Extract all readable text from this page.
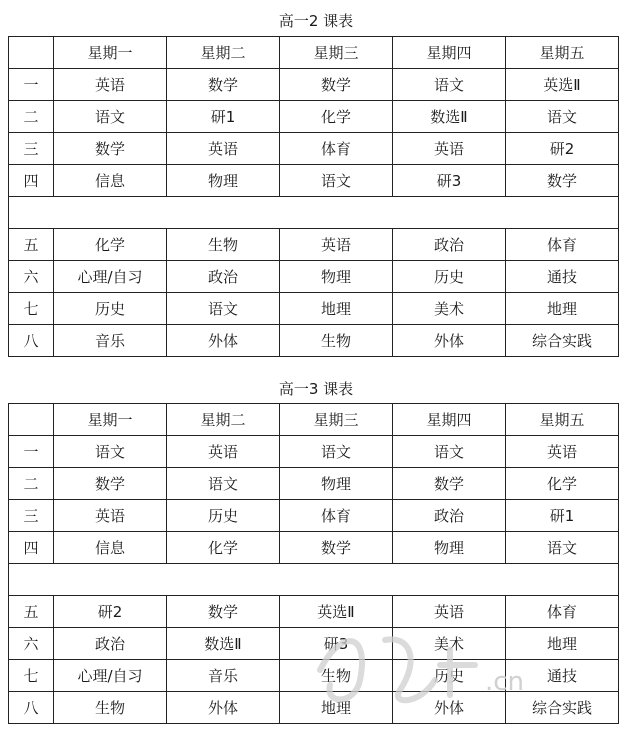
高一2 课表
	星期一	星期二	星期三	星期四	星期五
一	英语	数学	数学	语文	英选Ⅱ
二	语文	研1	化学	数选Ⅱ	语文
三	数学	英语	体育	英语	研2
四	信息	物理	语文	研3	数学

五	化学	生物	英语	政治	体育
六	心理/自习	政治	物理	历史	通技
七	历史	语文	地理	美术	地理
八	音乐	外体	生物	外体	综合实践
高一3 课表
	星期一	星期二	星期三	星期四	星期五
一	语文	英语	语文	语文	英语
二	数学	语文	物理	数学	化学
三	英语	历史	体育	政治	研1
四	信息	化学	数学	物理	语文

五	研2	数学	英选Ⅱ	英语	体育
六	政治	数选Ⅱ	研3	美术	地理
七	心理/自习	音乐	生物	历史	通技
八	生物	外体	地理	外体	综合实践
.cn
